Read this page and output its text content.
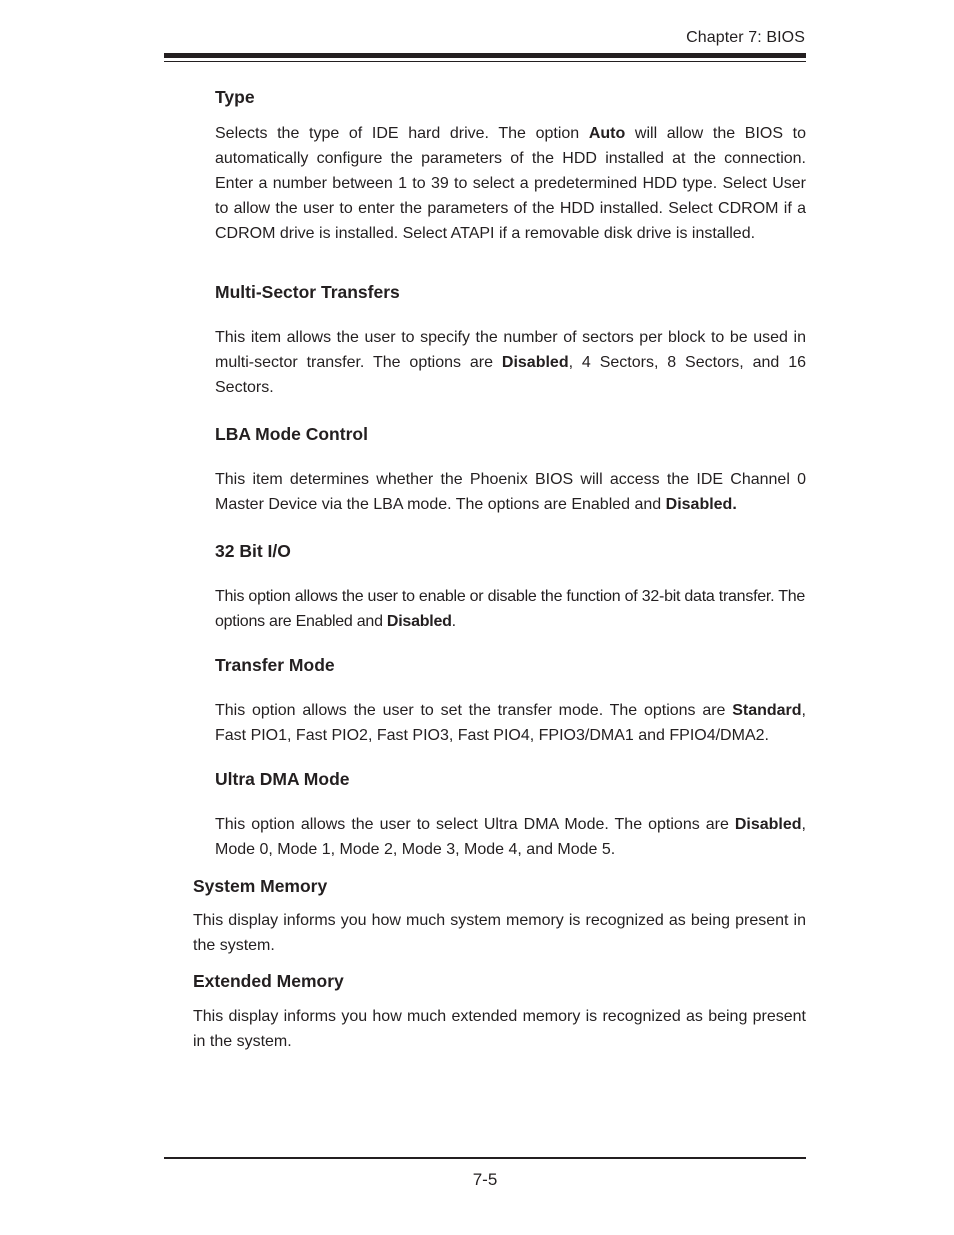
Chapter 7: BIOS

Type

Selects the type of IDE hard drive. The option Auto will allow the BIOS to automatically configure the parameters of the HDD installed at the connection. Enter a number between 1 to 39 to select a predetermined HDD type. Select User to allow the user to enter the parameters of the HDD installed. Select CDROM if a CDROM drive is installed. Select ATAPI if a removable disk drive is installed.

Multi-Sector Transfers

This item allows the user to specify the number of sectors per block to be used in multi-sector transfer. The options are Disabled, 4 Sectors, 8 Sectors, and 16 Sectors.

LBA Mode Control

This item determines whether the Phoenix BIOS will access the IDE Channel 0 Master Device via the LBA mode. The options are Enabled and Disabled.

32 Bit I/O

This option allows the user to enable or disable the function of 32-bit data transfer. The options are Enabled and Disabled.

Transfer Mode

This option allows the user to set the transfer mode. The options are Standard, Fast PIO1, Fast PIO2, Fast PIO3, Fast PIO4, FPIO3/DMA1 and FPIO4/DMA2.

Ultra DMA Mode

This option allows the user to select Ultra DMA Mode. The options are Disabled, Mode 0, Mode 1, Mode 2, Mode 3, Mode 4, and Mode 5.

System Memory

This display informs you how much system memory is recognized as being present in the system.

Extended Memory

This display informs you how much extended memory is recognized as being present in the system.

7-5
